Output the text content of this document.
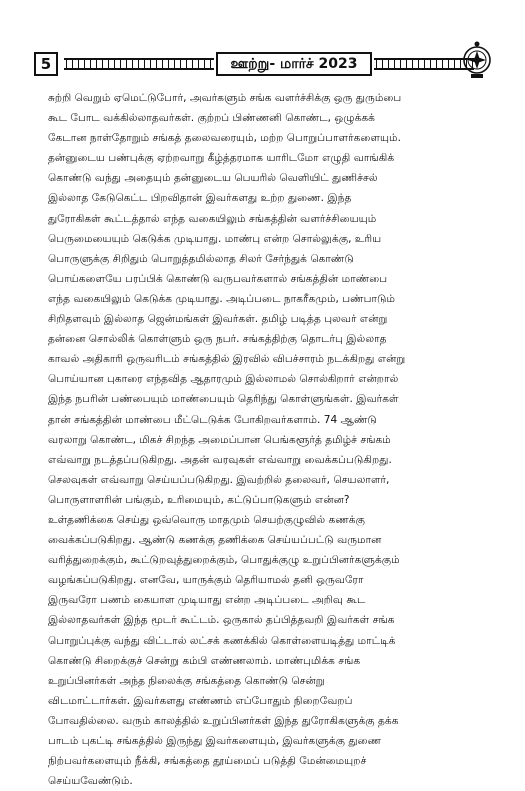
5	ஊற்று- மார்ச் 2023
சுற்றி வெறும் ஏமெட்டுபோர், அவர்களும் சங்க வளர்ச்சிக்கு ஒரு துரும்பை
கூட போட வக்கில்லாதவர்கள். குற்றப் பிண்ணனி கொண்ட, ஒழுக்கக்
கேடான நாள்தோறும் சங்கத் தலைவரையும், மற்ற பொறுப்பாளர்களையும்.
தன்னுடைய பண்புக்கு ஏற்றவாறு கீழ்த்தரமாக யாரிடமோ எழுதி வாங்கிக்
கொண்டு வந்து அதையும் தன்னுடைய பெயரில் வெளியிட் துணிச்சல்
இல்லாத கேடுகெட்ட பிறவிதான் இவர்களது உற்ற துணை. இந்த
துரோகிகள் கூட்டத்தால் எந்த வகையிலும் சங்கத்தின் வளர்ச்சியையும்
பெருமையையும் கெடுக்க முடியாது. மாண்பு என்ற சொல்லுக்கு, உரிய
பொருளுக்கு சிறிதும் பொறுத்தமில்லாத சிலர் சேர்ந்துக் கொண்டு
பொய்களையே பரப்பிக் கொண்டு வருபவர்களால் சங்கத்தின் மாண்பை
எந்த வகையிலும் கெடுக்க முடியாது. அடிப்படை நாகரீகமும், பண்பாடும்
சிறிதளவும் இல்லாத ஜென்மங்கள் இவர்கள். தமிழ் படித்த புலவர் என்று
தன்னை சொல்லிக் கொள்ளும் ஒரு நபர். சங்கத்திற்கு தொடர்பு இல்லாத
காவல் அதிகாரி ஒருவரிடம் சங்கத்தில் இரவில் விபச்சாரம் நடக்கிறது என்று
பொய்யான புகாரை எந்தவித ஆதாரமும் இல்லாமல் சொல்கிறார் என்றால்
இந்த நபரின் பண்பையும் மாண்பையும் தெரிந்து கொள்ளுங்கள். இவர்கள்
தான் சங்கத்தின் மாண்பை மீட்டெடுக்க போகிறவர்களாம். 74 ஆண்டு
வரலாறு கொண்ட, மிகச் சிறந்த அமைப்பான பெங்களூர்த் தமிழ்ச் சங்கம்
எவ்வாறு நடத்தப்படுகிறது. அதன் வரவுகள் எவ்வாறு வைக்கப்படுகிறது.
செலவுகள் எவ்வாறு செய்யப்படுகிறது. இவற்றில் தலைவர், செயலாளர்,
பொருளாளரின் பங்கும், உரிமையும், கட்டுப்பாடுகளும் என்ன?
உள்தணிக்கை செய்து ஒவ்வொரு மாதமும் செயற்குழுவில் கணக்கு
வைக்கப்படுகிறது. ஆண்டு கணக்கு தணிக்கை செய்யப்பட்டு வருமான
வரித்துறைக்கும், கூட்டுறவுத்துறைக்கும், பொதுக்குழு உறுப்பினர்களுக்கும்
வழங்கப்படுகிறது. எனவே, யாருக்கும் தெரியாமல் தனி ஒருவரோ
இருவரோ பணம் கையாள முடியாது என்ற அடிப்படை அறிவு கூட
இல்லாதவர்கள் இந்த மூடர் கூட்டம். ஒருகால் தப்பித்தவறி இவர்கள் சங்க
பொறுப்புக்கு வந்து விட்டால் லட்சக் கணக்கில் கொள்ளையடித்து மாட்டிக்
கொண்டு சிறைக்குச் சென்று கம்பி எண்ணலாம். மாண்புமிக்க சங்க
உறுப்பினர்கள் அந்த நிலைக்கு சங்கத்தை கொண்டு சென்று
விடமாட்டார்கள். இவர்களது எண்ணம் எப்போதும் நிறைவேறப்
போவதில்லை. வரும் காலத்தில் உறுப்பினர்கள் இந்த துரோகிகளுக்கு தக்க
பாடம் புகட்டி சங்கத்தில் இருந்து இவர்களையும், இவர்களுக்கு துணை
நிற்பவர்களையும் நீக்கி, சங்கத்தை தூய்மைப் படுத்தி மேன்மையுறச்
செய்யவேண்டும்.
